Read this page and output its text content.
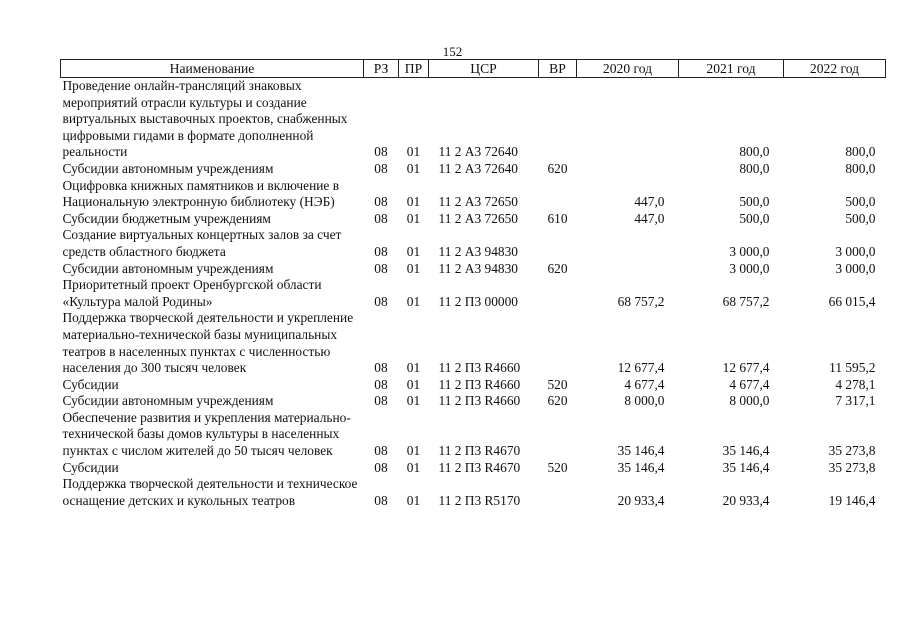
152
Наименование	РЗ	ПР	ЦСР	ВР	2020 год	2021 год	2022 год
Проведение онлайн-трансляций знаковых мероприятий отрасли культуры и создание виртуальных выставочных проектов, снабженных цифровыми гидами в формате дополненной реальности	08	01	11 2 А3 72640			800,0	800,0
Субсидии автономным учреждениям	08	01	11 2 А3 72640	620		800,0	800,0
Оцифровка книжных памятников и включение в Национальную электронную библиотеку (НЭБ)	08	01	11 2 А3 72650		447,0	500,0	500,0
Субсидии бюджетным учреждениям	08	01	11 2 А3 72650	610	447,0	500,0	500,0
Создание виртуальных концертных залов за счет средств областного бюджета	08	01	11 2 А3 94830			3 000,0	3 000,0
Субсидии автономным учреждениям	08	01	11 2 А3 94830	620		3 000,0	3 000,0
Приоритетный проект Оренбургской области «Культура малой Родины»	08	01	11 2 П3 00000		68 757,2	68 757,2	66 015,4
Поддержка творческой деятельности и укрепление материально-технической базы муниципальных театров в населенных пунктах с численностью населения до 300 тысяч человек	08	01	11 2 П3 R4660		12 677,4	12 677,4	11 595,2
Субсидии	08	01	11 2 П3 R4660	520	4 677,4	4 677,4	4 278,1
Субсидии автономным учреждениям	08	01	11 2 П3 R4660	620	8 000,0	8 000,0	7 317,1
Обеспечение развития и укрепления материально-технической базы домов культуры в населенных пунктах с числом жителей до 50 тысяч человек	08	01	11 2 П3 R4670		35 146,4	35 146,4	35 273,8
Субсидии	08	01	11 2 П3 R4670	520	35 146,4	35 146,4	35 273,8
Поддержка творческой деятельности и техническое оснащение детских и кукольных театров	08	01	11 2 П3 R5170		20 933,4	20 933,4	19 146,4
